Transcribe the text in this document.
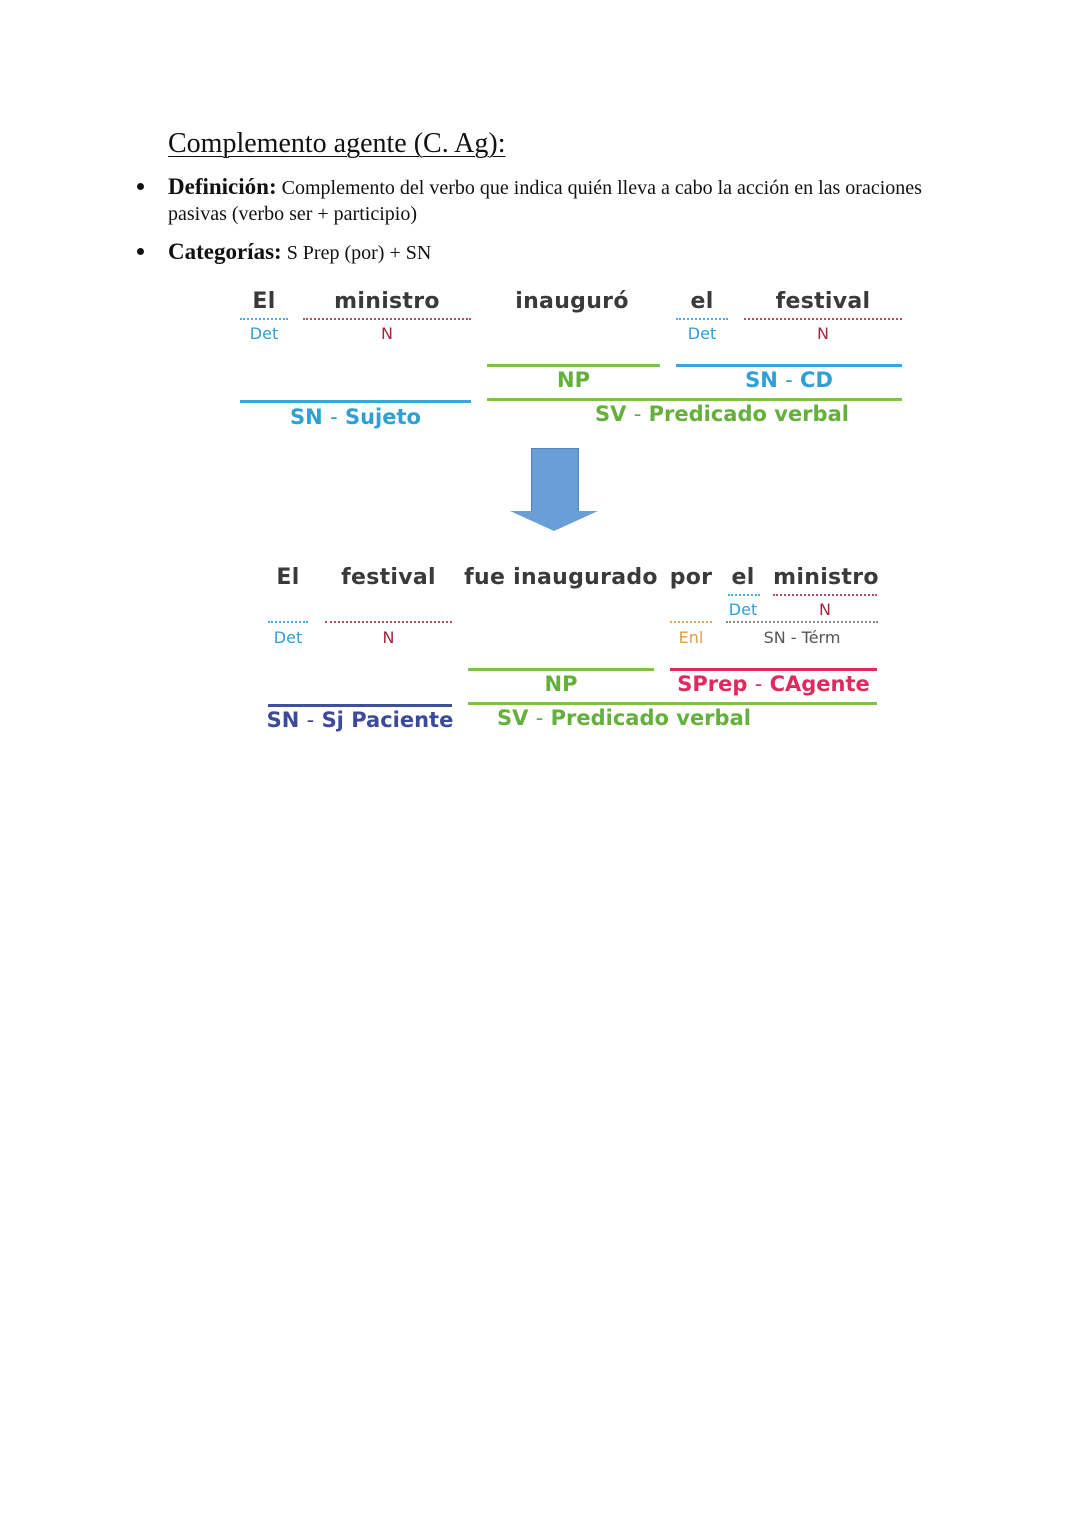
Complemento agente (C. Ag):
Definición: Complemento del verbo que indica quién lleva a cabo la acción en las oraciones pasivas (verbo ser + participio)
Categorías: S Prep (por) + SN
El	ministro	inauguró	el	festival
Det	N	Det	N
NP	SN - CD
SN - Sujeto	SV - Predicado verbal
El	festival	fue inaugurado por el ministro
Det	N
Det	N	Enl	SN - Térm
NP	SPrep - CAgente
SN - Sj Paciente	SV - Predicado verbal
